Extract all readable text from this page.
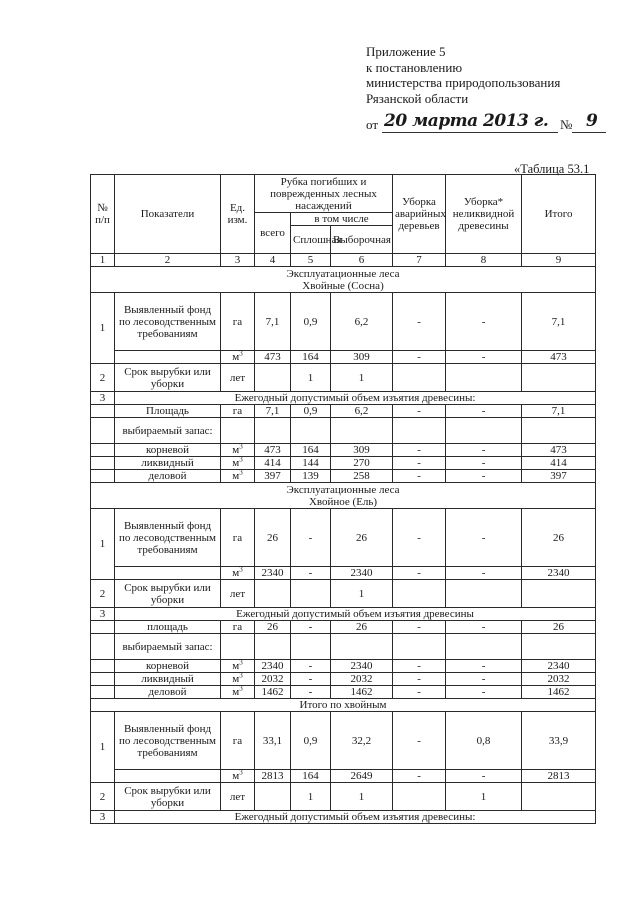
Приложение 5
к постановлению
министерства природопользования
Рязанской области
от 20 марта 2013 г. № 9
«Таблица 53.1
№ п/п	Показатели	Ед. изм.	Рубка погибших и поврежденных лесных насаждений			Уборка аварийных деревьев	Уборка* неликвидной древесины	Итого
			всего	в том числе				
				Сплошная	Выборочная			
1	2	3	4	5	6	7	8	9

Эксплуатационные леса
Хвойные (Сосна)								

1	Выявленный фонд по лесоводственным требованиям	га	7,1	0,9	6,2	-	-	7,1
		$м^3$	473	164	309	-	-	473
2	Срок вырубки или уборки	лет		1	1			
3	Ежегодный допустимый объем изъятия древесины:							
	Площадь	га	7,1	0,9	6,2	-	-	7,1
	выбираемый запас:							
	корневой	$м^3$	473	164	309	-	-	473
	ликвидный	$м^3$	414	144	270	-	-	414
	деловой	$м^3$	397	139	258	-	-	397

Эксплуатационные леса
Хвойное (Ель)								

1	Выявленный фонд по лесоводственным требованиям	га	26	-	26	-	-	26
		$м^3$	2340	-	2340	-	-	2340
2	Срок вырубки или уборки	лет			1			
3	Ежегодный допустимый объем изъятия древесины							
	площадь	га	26	-	26	-	-	26
	выбираемый запас:							
	корневой	$м^3$	2340	-	2340	-	-	2340
	ликвидный	$м^3$	2032	-	2032	-	-	2032
	деловой	$м^3$	1462	-	1462	-	-	1462
Итого по хвойным								
1	Выявленный фонд по лесоводственным требованиям	га	33,1	0,9	32,2	-	0,8	33,9
		$м^3$	2813	164	2649	-	-	2813
2	Срок вырубки или уборки	лет		1	1		1	
3	Ежегодный допустимый объем изъятия древесины:							
